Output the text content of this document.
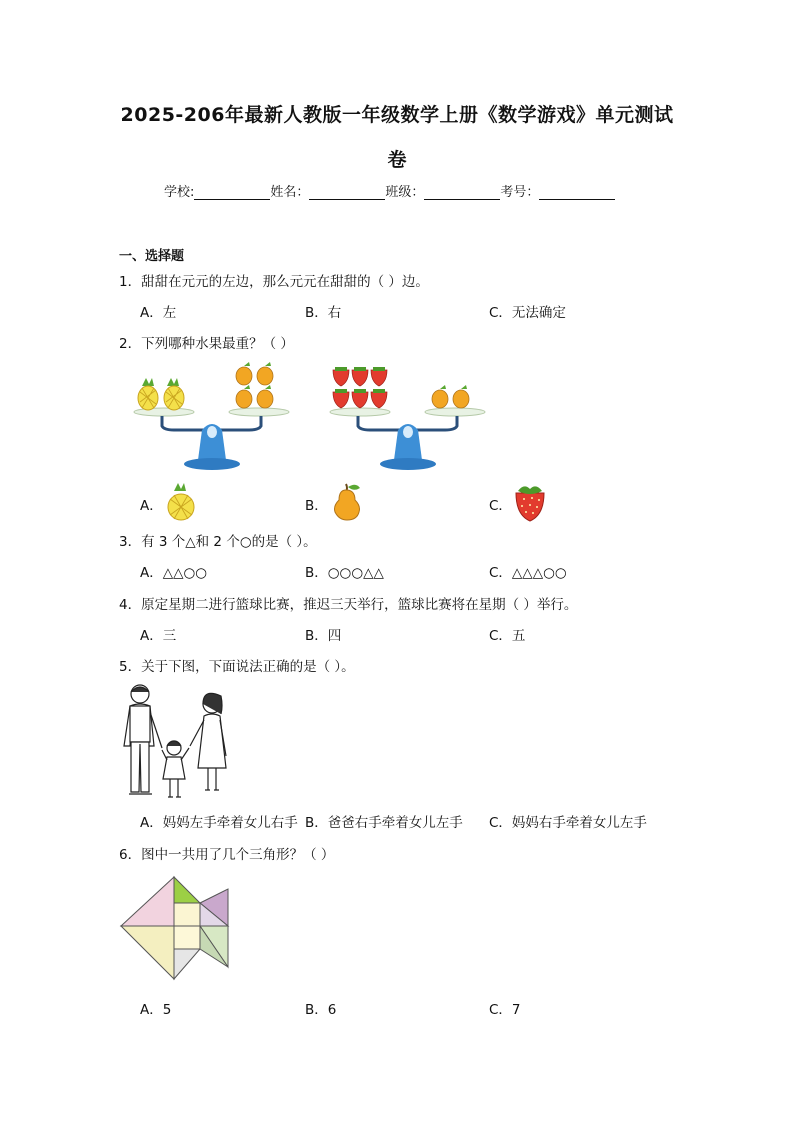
2025-206年最新人教版一年级数学上册《数学游戏》单元测试
卷
学校:	姓名：	班级：	考号：
一、选择题
1．甜甜在元元的左边，那么元元在甜甜的（ ）边。
A．左	B．右	C．无法确定
2．下列哪种水果最重？（ ）
A．	B．	C．
3．有 3 个△和 2 个○的是（ ）。
A．△△○○	B．○○○△△	C．△△△○○
4．原定星期二进行篮球比赛，推迟三天举行，篮球比赛将在星期（ ）举行。
A．三	B．四	C．五
5．关于下图，下面说法正确的是（ ）。
A．妈妈左手牵着女儿右手 B．爸爸右手牵着女儿左手 C．妈妈右手牵着女儿左手
6．图中一共用了几个三角形？（ ）
A．5	B．6	C．7
